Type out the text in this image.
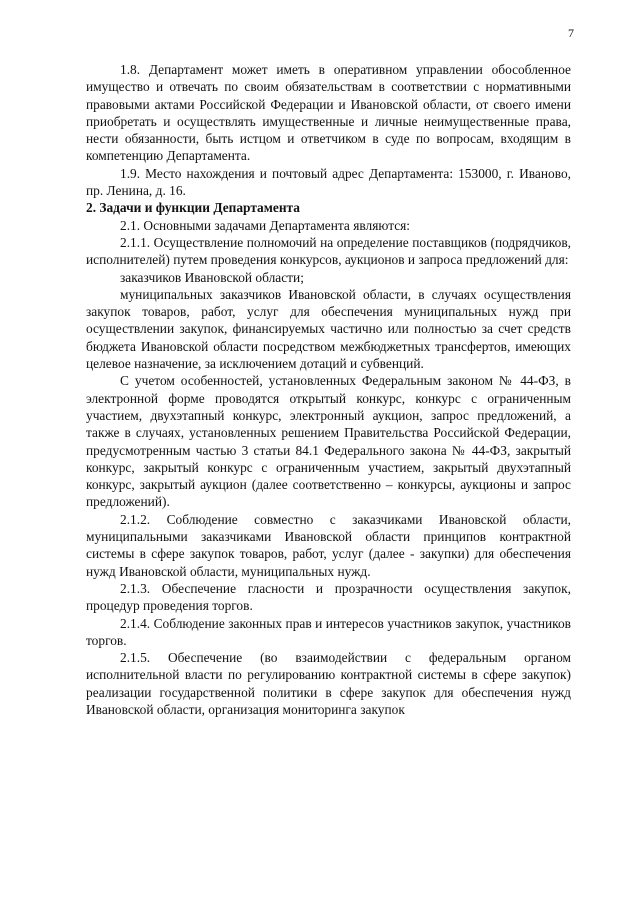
7

1.8. Департамент может иметь в оперативном управлении обособленное имущество и отвечать по своим обязательствам в соответствии с нормативными правовыми актами Российской Федерации и Ивановской области, от своего имени приобретать и осуществлять имущественные и личные неимущественные права, нести обязанности, быть истцом и ответчиком в суде по вопросам, входящим в компетенцию Департамента.

1.9. Место нахождения и почтовый адрес Департамента: 153000, г. Иваново, пр. Ленина, д. 16.

2. Задачи и функции Департамента

2.1. Основными задачами Департамента являются:

2.1.1. Осуществление полномочий на определение поставщиков (подрядчиков, исполнителей) путем проведения конкурсов, аукционов и запроса предложений для:

заказчиков Ивановской области;

муниципальных заказчиков Ивановской области, в случаях осуществления закупок товаров, работ, услуг для обеспечения муниципальных нужд при осуществлении закупок, финансируемых частично или полностью за счет средств бюджета Ивановской области посредством межбюджетных трансфертов, имеющих целевое назначение, за исключением дотаций и субвенций.

С учетом особенностей, установленных Федеральным законом № 44-ФЗ, в электронной форме проводятся открытый конкурс, конкурс с ограниченным участием, двухэтапный конкурс, электронный аукцион, запрос предложений, а также в случаях, установленных решением Правительства Российской Федерации, предусмотренным частью 3 статьи 84.1 Федерального закона № 44-ФЗ, закрытый конкурс, закрытый конкурс с ограниченным участием, закрытый двухэтапный конкурс, закрытый аукцион (далее соответственно – конкурсы, аукционы и запрос предложений).

2.1.2. Соблюдение совместно с заказчиками Ивановской области, муниципальными заказчиками Ивановской области принципов контрактной системы в сфере закупок товаров, работ, услуг (далее - закупки) для обеспечения нужд Ивановской области, муниципальных нужд.

2.1.3. Обеспечение гласности и прозрачности осуществления закупок, процедур проведения торгов.

2.1.4. Соблюдение законных прав и интересов участников закупок, участников торгов.

2.1.5. Обеспечение (во взаимодействии с федеральным органом исполнительной власти по регулированию контрактной системы в сфере закупок) реализации государственной политики в сфере закупок для обеспечения нужд Ивановской области, организация мониторинга закупок
